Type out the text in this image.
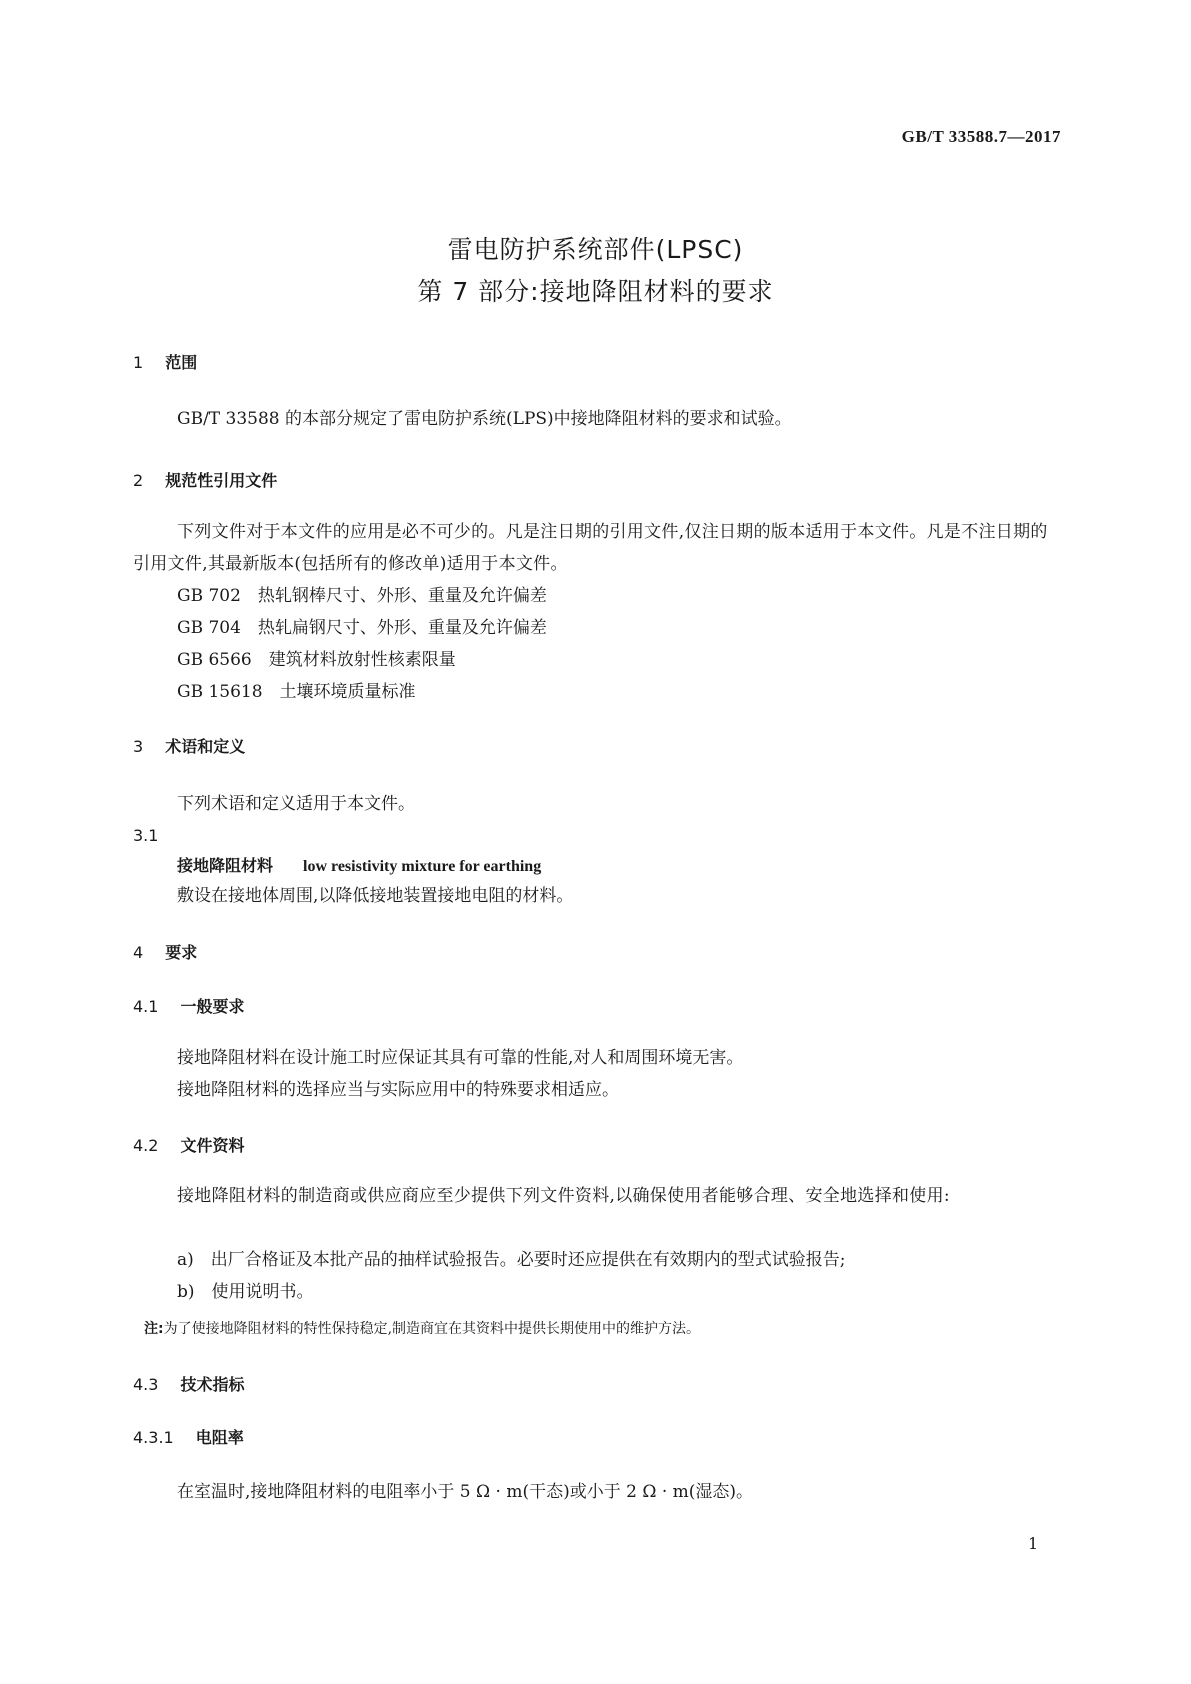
GB/T 33588.7—2017
雷电防护系统部件(LPSC)
第 7 部分:接地降阻材料的要求
1 范围
GB/T 33588 的本部分规定了雷电防护系统(LPS)中接地降阻材料的要求和试验。
2 规范性引用文件
下列文件对于本文件的应用是必不可少的。凡是注日期的引用文件,仅注日期的版本适用于本文件。凡是不注日期的引用文件,其最新版本(包括所有的修改单)适用于本文件。
GB 702　热轧钢棒尺寸、外形、重量及允许偏差
GB 704　热轧扁钢尺寸、外形、重量及允许偏差
GB 6566　建筑材料放射性核素限量
GB 15618　土壤环境质量标准
3 术语和定义
下列术语和定义适用于本文件。
3.1
接地降阻材料 low resistivity mixture for earthing
敷设在接地体周围,以降低接地装置接地电阻的材料。
4 要求
4.1 一般要求
接地降阻材料在设计施工时应保证其具有可靠的性能,对人和周围环境无害。
接地降阻材料的选择应当与实际应用中的特殊要求相适应。
4.2 文件资料
接地降阻材料的制造商或供应商应至少提供下列文件资料,以确保使用者能够合理、安全地选择和使用:
a)　出厂合格证及本批产品的抽样试验报告。必要时还应提供在有效期内的型式试验报告;
b)　使用说明书。
注:为了使接地降阻材料的特性保持稳定,制造商宜在其资料中提供长期使用中的维护方法。
4.3 技术指标
4.3.1 电阻率
在室温时,接地降阻材料的电阻率小于 5 Ω · m(干态)或小于 2 Ω · m(湿态)。
1
